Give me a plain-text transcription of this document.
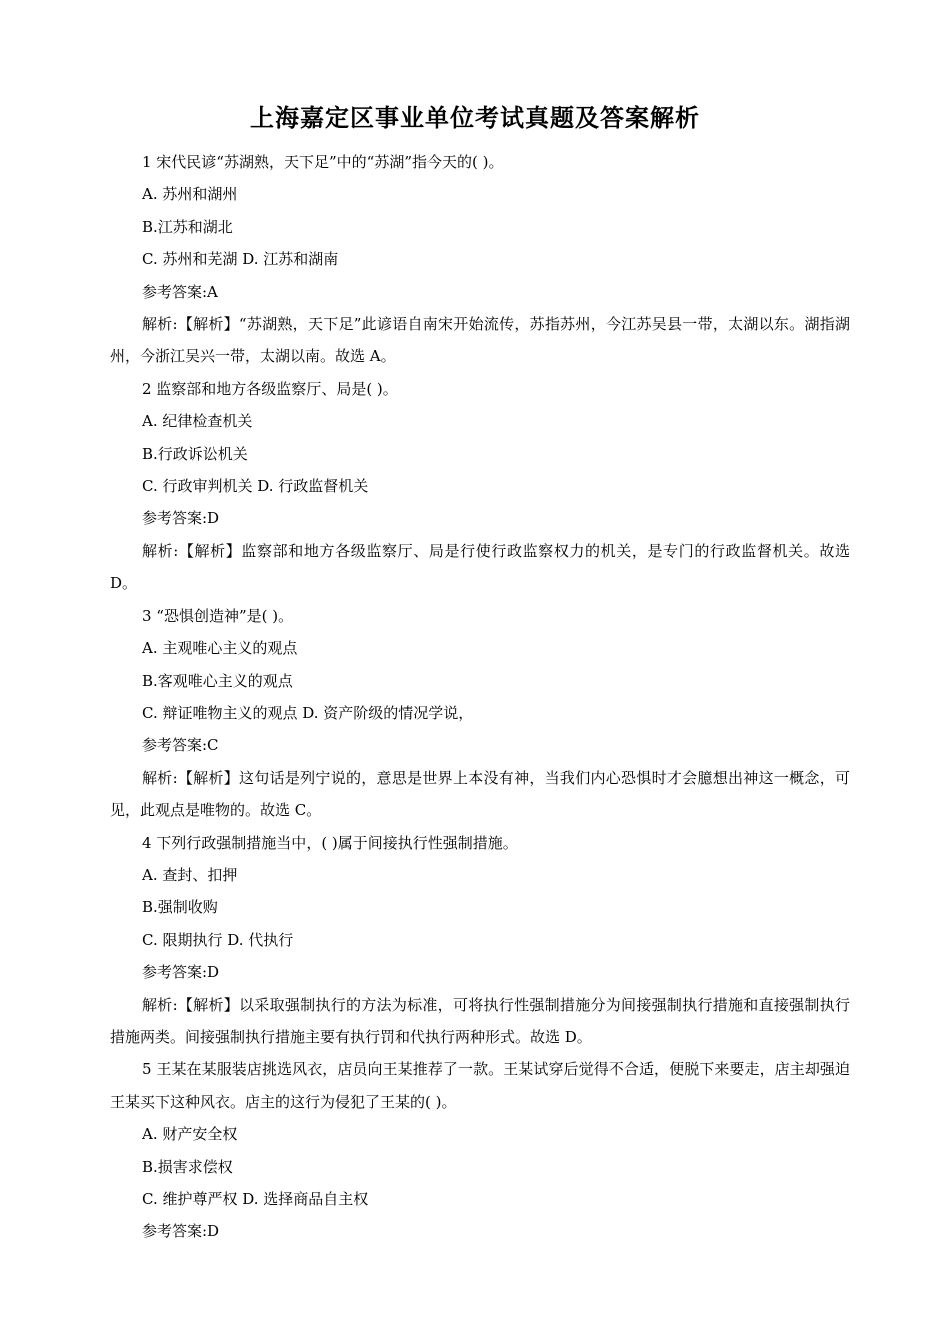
上海嘉定区事业单位考试真题及答案解析
1 宋代民谚“苏湖熟，天下足”中的“苏湖”指今天的( )。
A. 苏州和湖州
B.江苏和湖北
C. 苏州和芜湖 D. 江苏和湖南
参考答案:A
解析:【解析】“苏湖熟，天下足”此谚语自南宋开始流传，苏指苏州，今江苏吴县一带，太湖以东。湖指湖州，今浙江吴兴一带，太湖以南。故选 A。
2 监察部和地方各级监察厅、局是( )。
A. 纪律检查机关
B.行政诉讼机关
C. 行政审判机关 D. 行政监督机关
参考答案:D
解析:【解析】监察部和地方各级监察厅、局是行使行政监察权力的机关，是专门的行政监督机关。故选 D。
3 “恐惧创造神”是( )。
A. 主观唯心主义的观点
B.客观唯心主义的观点
C. 辩证唯物主义的观点 D. 资产阶级的情况学说，
参考答案:C
解析:【解析】这句话是列宁说的，意思是世界上本没有神，当我们内心恐惧时才会臆想出神这一概念，可见，此观点是唯物的。故选 C。
4 下列行政强制措施当中，( )属于间接执行性强制措施。
A. 查封、扣押
B.强制收购
C. 限期执行 D. 代执行
参考答案:D
解析:【解析】以采取强制执行的方法为标准，可将执行性强制措施分为间接强制执行措施和直接强制执行措施两类。间接强制执行措施主要有执行罚和代执行两种形式。故选 D。
5 王某在某服装店挑选风衣，店员向王某推荐了一款。王某试穿后觉得不合适，便脱下来要走，店主却强迫王某买下这种风衣。店主的这行为侵犯了王某的( )。
A. 财产安全权
B.损害求偿权
C. 维护尊严权 D. 选择商品自主权
参考答案:D
